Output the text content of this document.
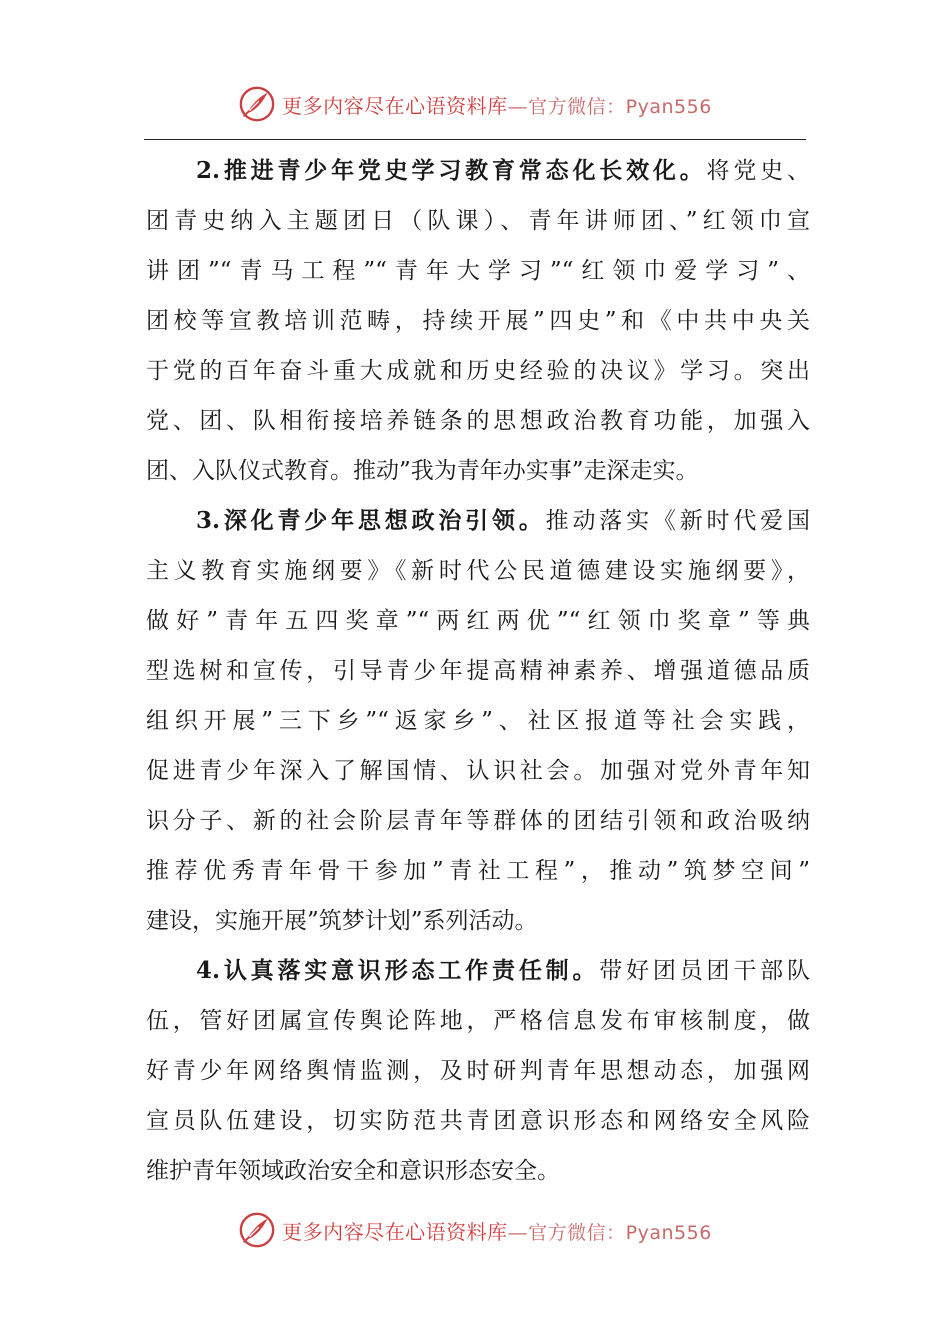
更多内容尽在心语资料库—官方微信：Pyan556
2.推进青少年党史学习教育常态化长效化。将党史、
团青史纳入主题团日（队课）、青年讲师团、”红领巾宣
讲团”“青马工程”“青年大学习”“红领巾爱学习”、
团校等宣教培训范畴，持续开展”四史”和《中共中央关
于党的百年奋斗重大成就和历史经验的决议》学习。突出
党、团、队相衔接培养链条的思想政治教育功能，加强入
团、入队仪式教育。推动”我为青年办实事”走深走实。
3.深化青少年思想政治引领。推动落实《新时代爱国
主义教育实施纲要》《新时代公民道德建设实施纲要》，
做好”青年五四奖章”“两红两优”“红领巾奖章”等典
型选树和宣传，引导青少年提高精神素养、增强道德品质
组织开展”三下乡”“返家乡”、社区报道等社会实践，
促进青少年深入了解国情、认识社会。加强对党外青年知
识分子、新的社会阶层青年等群体的团结引领和政治吸纳
推荐优秀青年骨干参加”青社工程”，推动”筑梦空间”
建设，实施开展”筑梦计划”系列活动。
4.认真落实意识形态工作责任制。带好团员团干部队
伍，管好团属宣传舆论阵地，严格信息发布审核制度，做
好青少年网络舆情监测，及时研判青年思想动态，加强网
宣员队伍建设，切实防范共青团意识形态和网络安全风险
维护青年领域政治安全和意识形态安全。
更多内容尽在心语资料库—官方微信：Pyan556
